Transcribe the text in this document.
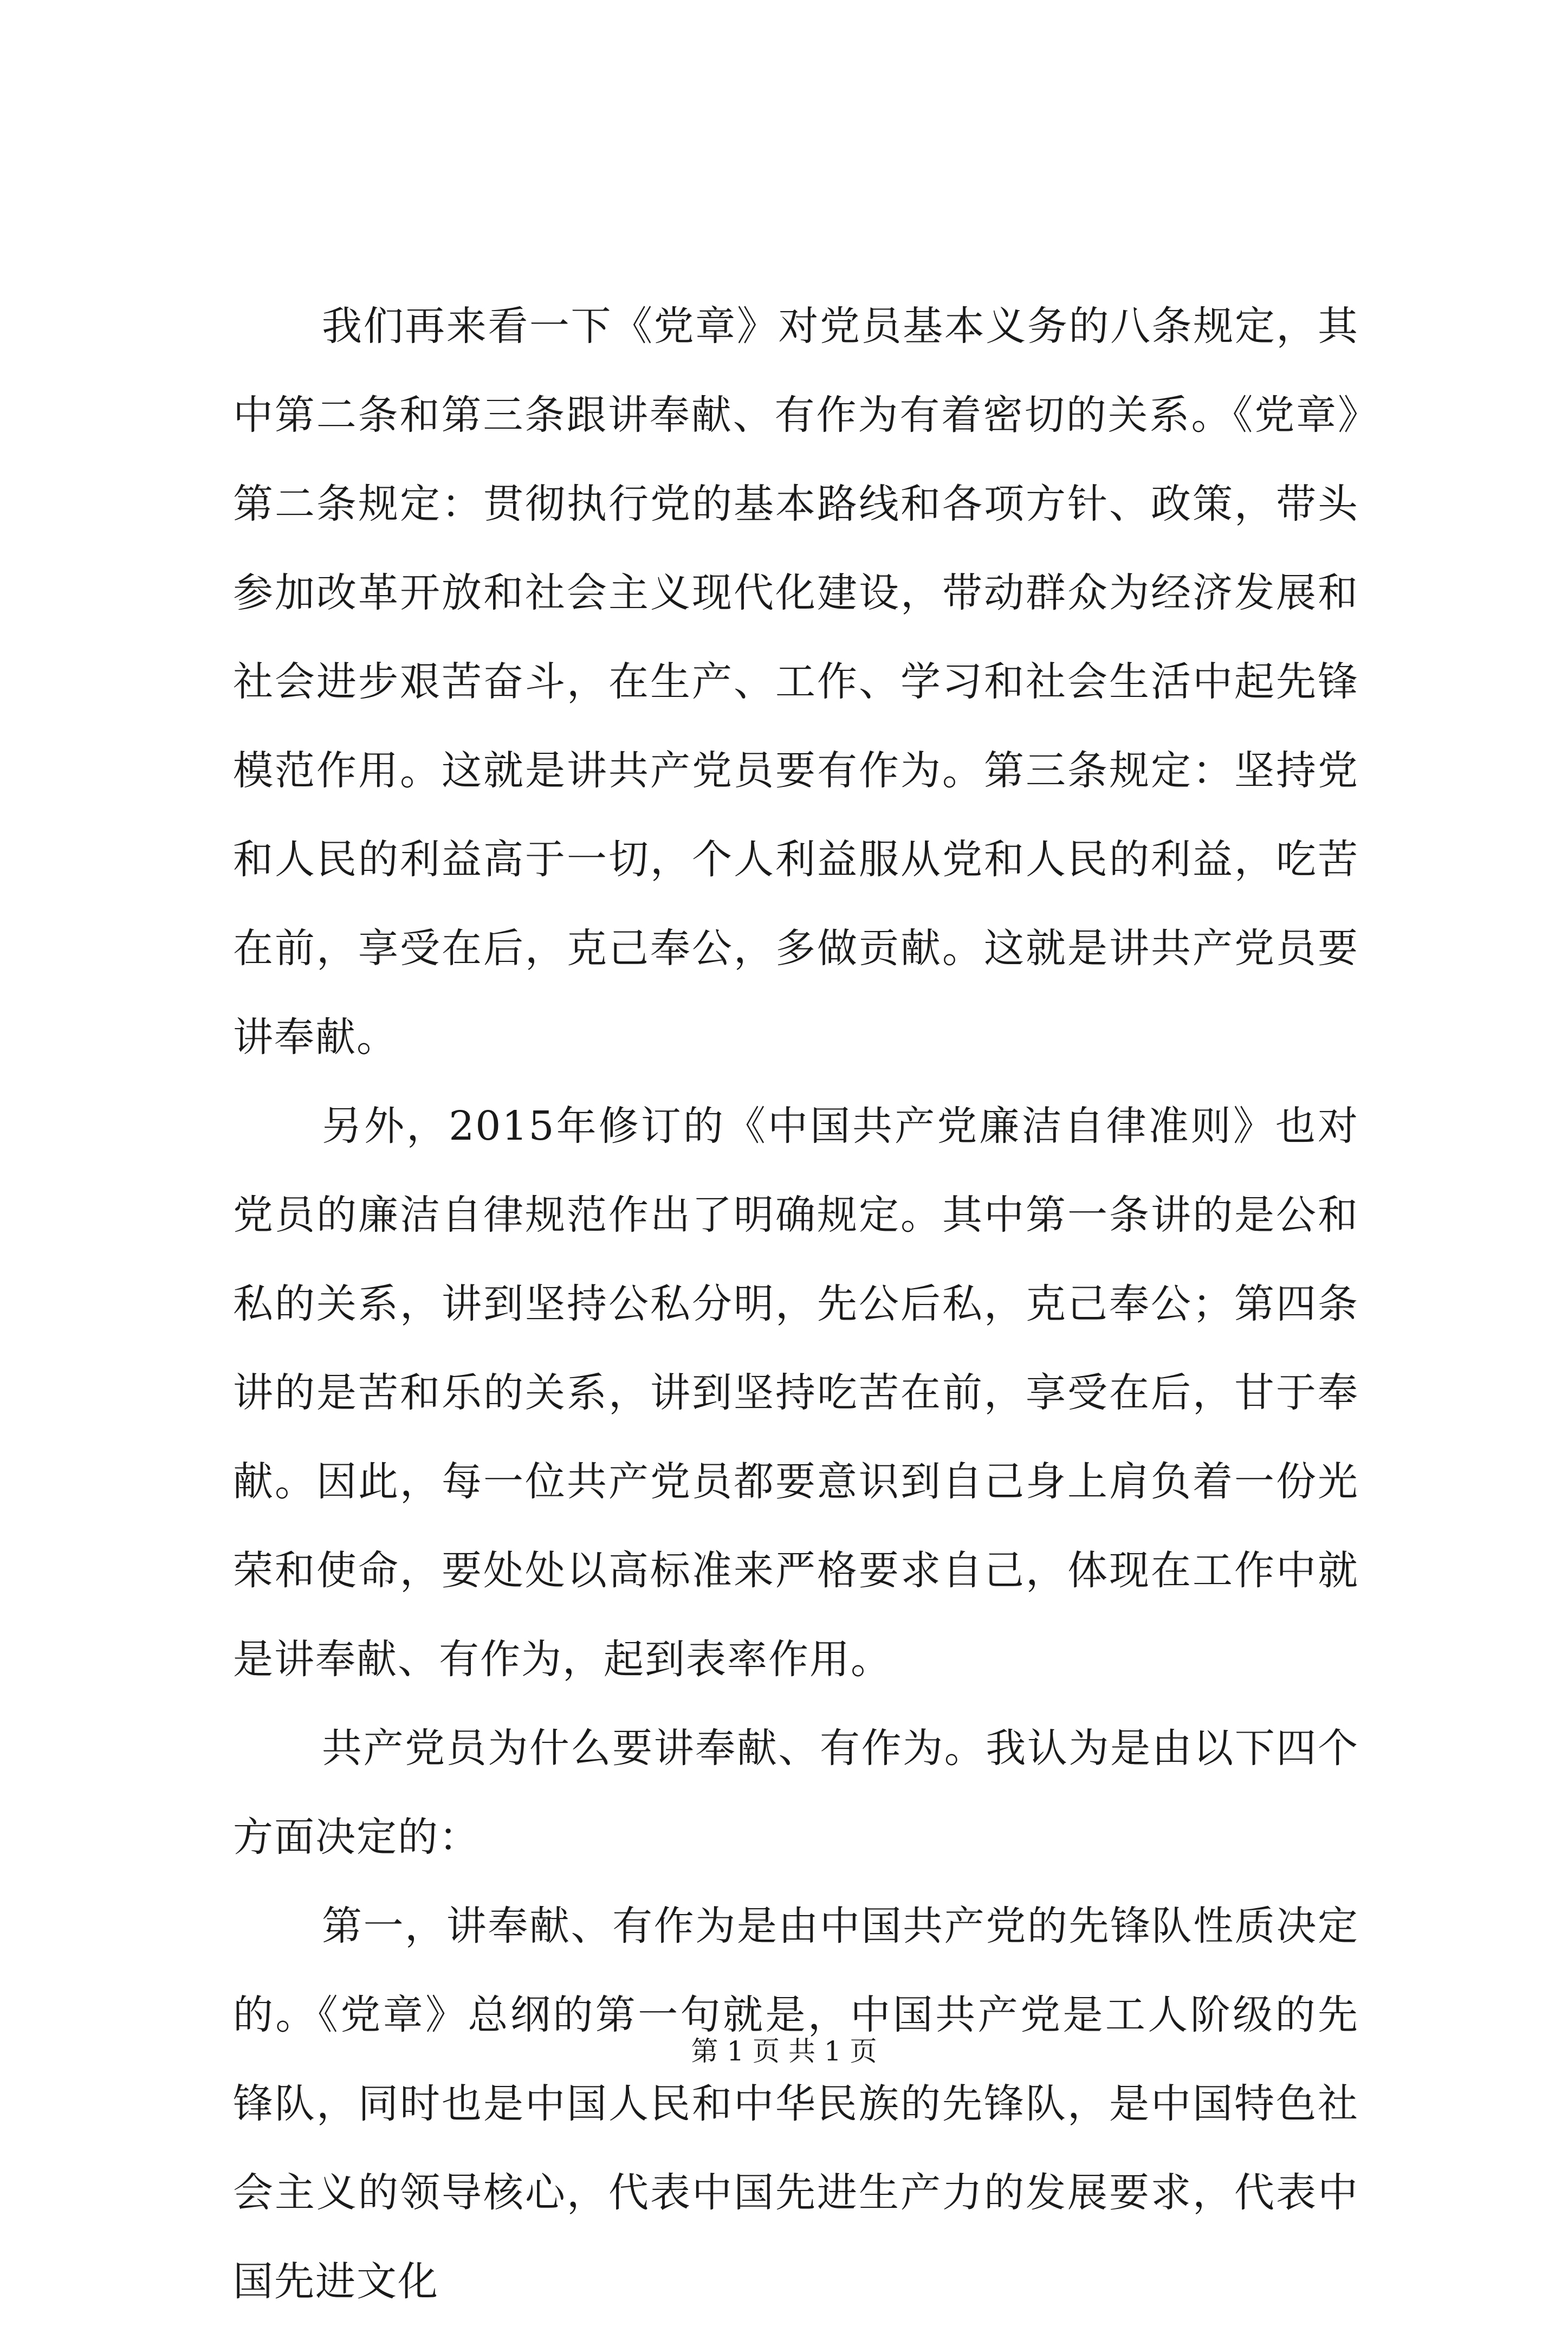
我们再来看一下《党章》对党员基本义务的八条规定，其中第二条和第三条跟讲奉献、有作为有着密切的关系。《党章》第二条规定：贯彻执行党的基本路线和各项方针、政策，带头参加改革开放和社会主义现代化建设，带动群众为经济发展和社会进步艰苦奋斗，在生产、工作、学习和社会生活中起先锋模范作用。这就是讲共产党员要有作为。第三条规定：坚持党和人民的利益高于一切，个人利益服从党和人民的利益，吃苦在前，享受在后，克己奉公，多做贡献。这就是讲共产党员要讲奉献。

另外，2015年修订的《中国共产党廉洁自律准则》也对党员的廉洁自律规范作出了明确规定。其中第一条讲的是公和私的关系，讲到坚持公私分明，先公后私，克己奉公；第四条讲的是苦和乐的关系，讲到坚持吃苦在前，享受在后，甘于奉献。因此，每一位共产党员都要意识到自己身上肩负着一份光荣和使命，要处处以高标准来严格要求自己，体现在工作中就是讲奉献、有作为，起到表率作用。

共产党员为什么要讲奉献、有作为。我认为是由以下四个方面决定的：

第一，讲奉献、有作为是由中国共产党的先锋队性质决定的。《党章》总纲的第一句就是，中国共产党是工人阶级的先锋队，同时也是中国人民和中华民族的先锋队，是中国特色社会主义的领导核心，代表中国先进生产力的发展要求，代表中国先进文化

第 1 页 共 1 页
